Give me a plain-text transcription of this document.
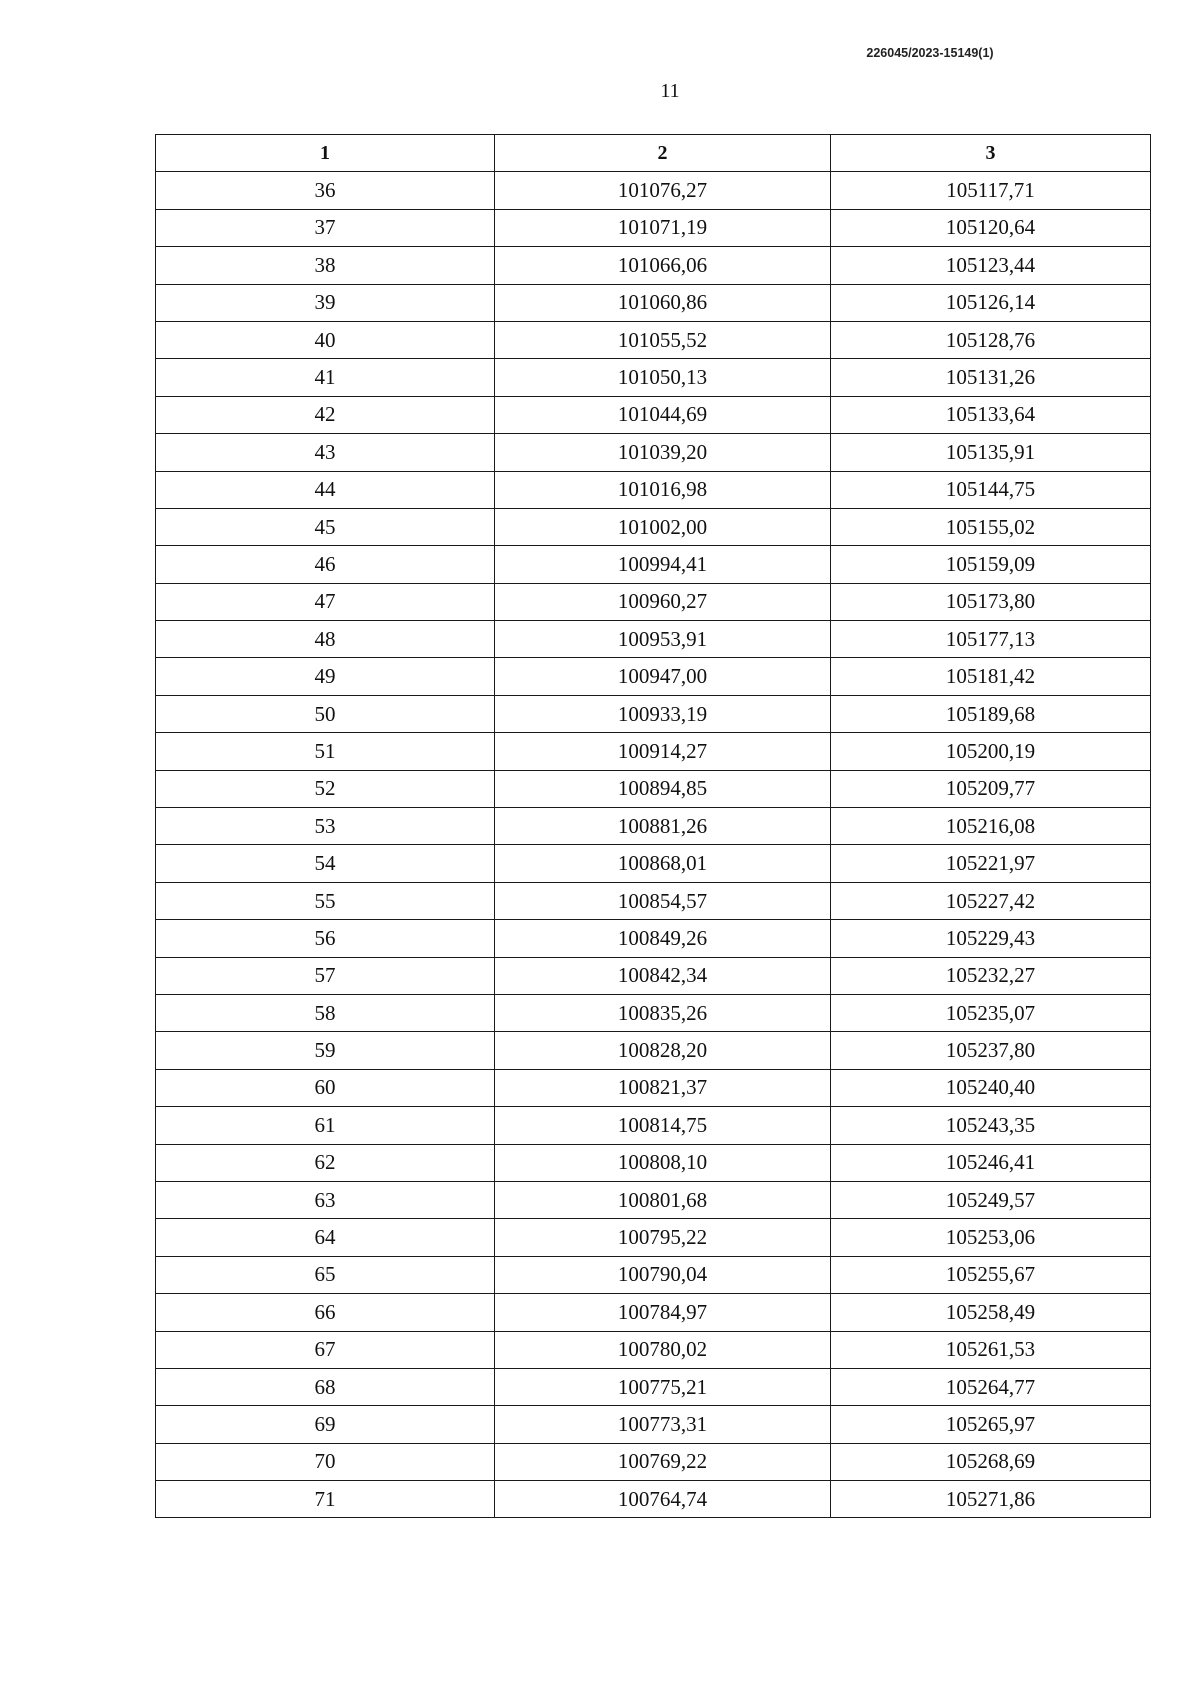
226045/2023-15149(1)
11
1	2	3
36	101076,27	105117,71
37	101071,19	105120,64
38	101066,06	105123,44
39	101060,86	105126,14
40	101055,52	105128,76
41	101050,13	105131,26
42	101044,69	105133,64
43	101039,20	105135,91
44	101016,98	105144,75
45	101002,00	105155,02
46	100994,41	105159,09
47	100960,27	105173,80
48	100953,91	105177,13
49	100947,00	105181,42
50	100933,19	105189,68
51	100914,27	105200,19
52	100894,85	105209,77
53	100881,26	105216,08
54	100868,01	105221,97
55	100854,57	105227,42
56	100849,26	105229,43
57	100842,34	105232,27
58	100835,26	105235,07
59	100828,20	105237,80
60	100821,37	105240,40
61	100814,75	105243,35
62	100808,10	105246,41
63	100801,68	105249,57
64	100795,22	105253,06
65	100790,04	105255,67
66	100784,97	105258,49
67	100780,02	105261,53
68	100775,21	105264,77
69	100773,31	105265,97
70	100769,22	105268,69
71	100764,74	105271,86
